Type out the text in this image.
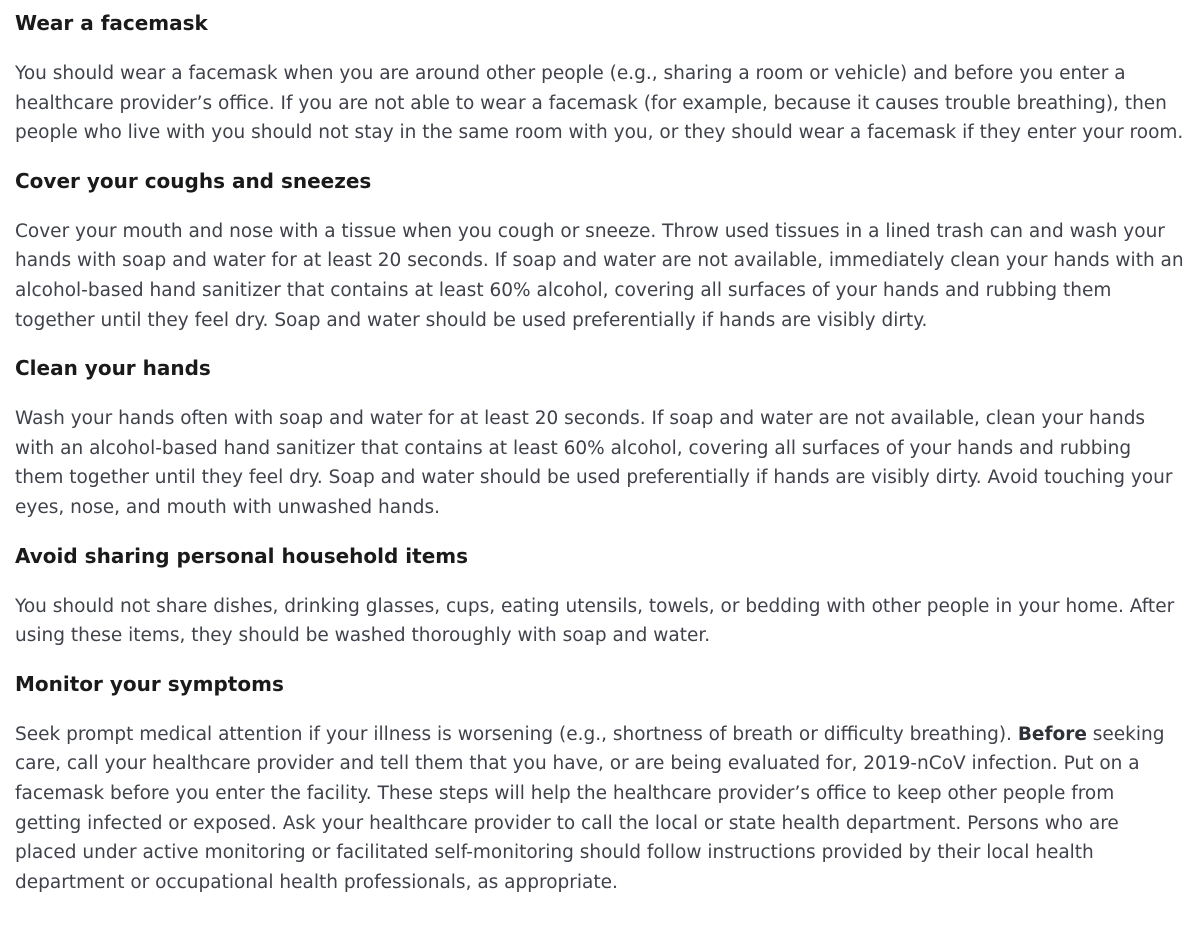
Wear a facemask

You should wear a facemask when you are around other people (e.g., sharing a room or vehicle) and before you enter a healthcare provider’s office. If you are not able to wear a facemask (for example, because it causes trouble breathing), then people who live with you should not stay in the same room with you, or they should wear a facemask if they enter your room.

Cover your coughs and sneezes

Cover your mouth and nose with a tissue when you cough or sneeze. Throw used tissues in a lined trash can and wash your hands with soap and water for at least 20 seconds. If soap and water are not available, immediately clean your hands with an alcohol-based hand sanitizer that contains at least 60% alcohol, covering all surfaces of your hands and rubbing them together until they feel dry. Soap and water should be used preferentially if hands are visibly dirty.

Clean your hands

Wash your hands often with soap and water for at least 20 seconds. If soap and water are not available, clean your hands with an alcohol-based hand sanitizer that contains at least 60% alcohol, covering all surfaces of your hands and rubbing them together until they feel dry. Soap and water should be used preferentially if hands are visibly dirty. Avoid touching your eyes, nose, and mouth with unwashed hands.

Avoid sharing personal household items

You should not share dishes, drinking glasses, cups, eating utensils, towels, or bedding with other people in your home. After using these items, they should be washed thoroughly with soap and water.

Monitor your symptoms

Seek prompt medical attention if your illness is worsening (e.g., shortness of breath or difficulty breathing). Before seeking care, call your healthcare provider and tell them that you have, or are being evaluated for, 2019-nCoV infection. Put on a facemask before you enter the facility. These steps will help the healthcare provider’s office to keep other people from getting infected or exposed. Ask your healthcare provider to call the local or state health department. Persons who are placed under active monitoring or facilitated self-monitoring should follow instructions provided by their local health department or occupational health professionals, as appropriate.
